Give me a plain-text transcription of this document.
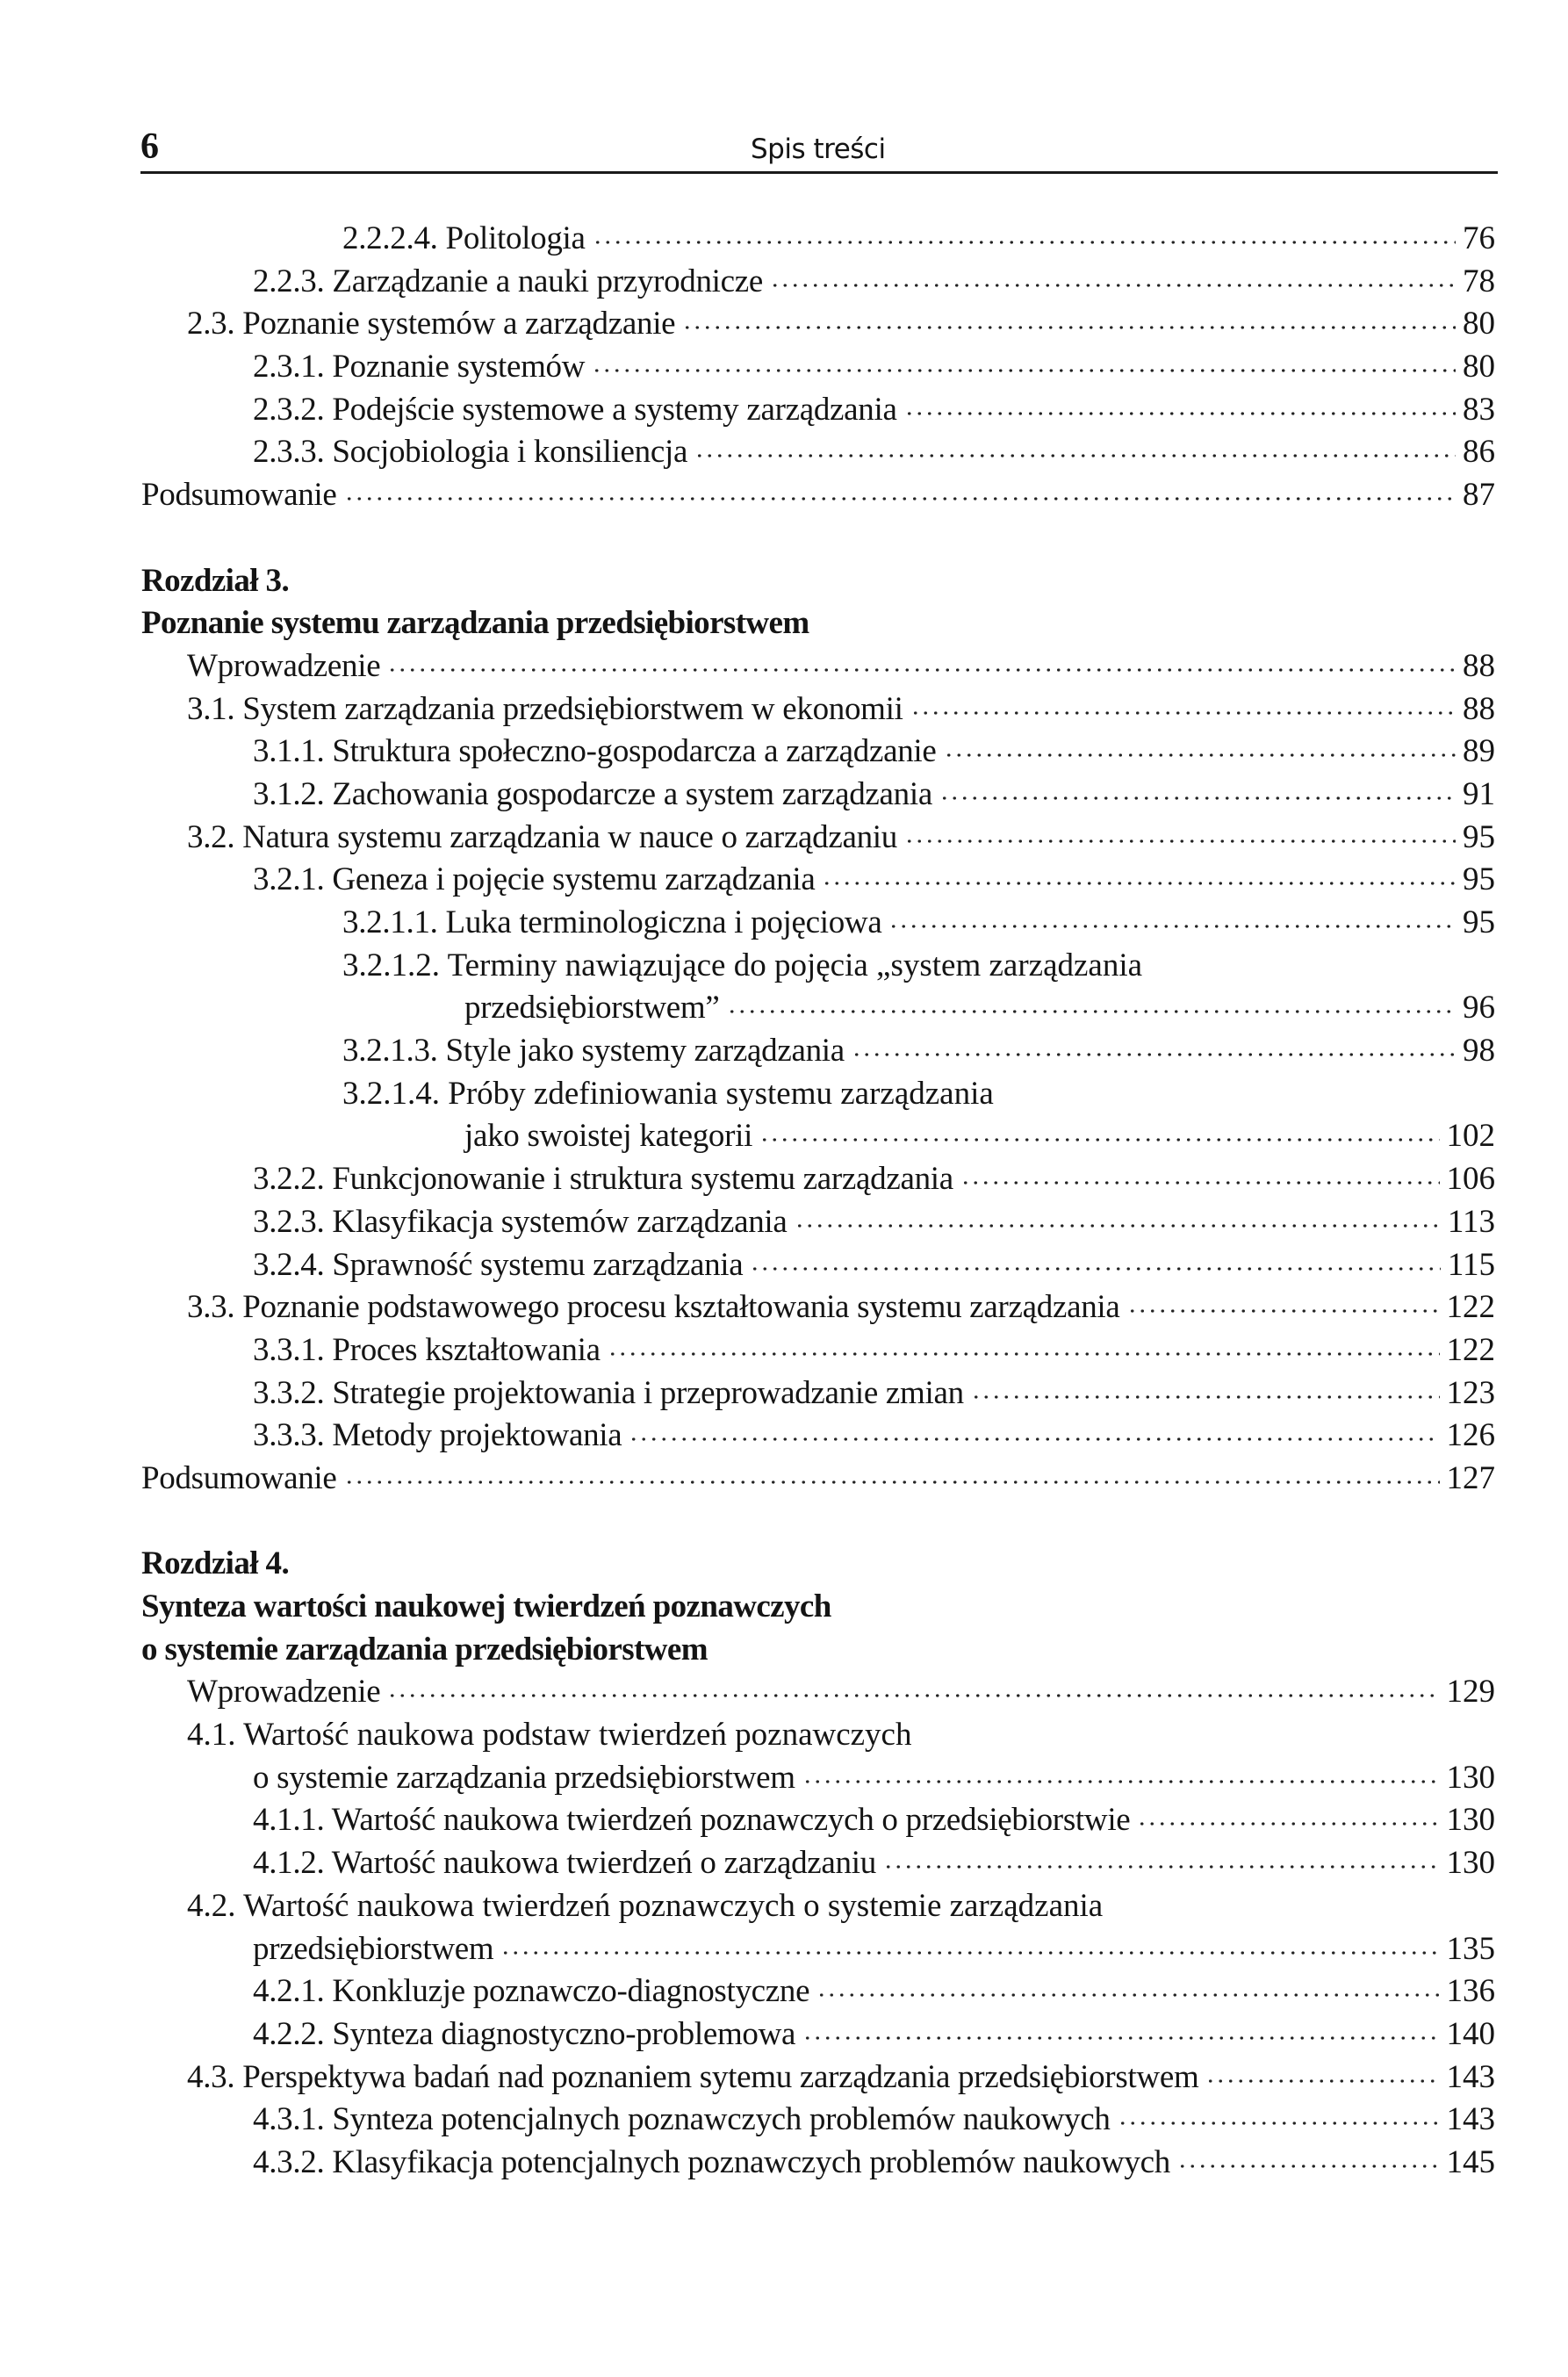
6	Spis treści
2.2.2.4. Politologia	76
2.2.3. Zarządzanie a nauki przyrodnicze	78
2.3. Poznanie systemów a zarządzanie	80
2.3.1. Poznanie systemów	80
2.3.2. Podejście systemowe a systemy zarządzania	83
2.3.3. Socjobiologia i konsiliencja	86
Podsumowanie	87
Rozdział 3.
Poznanie systemu zarządzania przedsiębiorstwem
Wprowadzenie	88
3.1. System zarządzania przedsiębiorstwem w ekonomii	88
3.1.1. Struktura społeczno-gospodarcza a zarządzanie	89
3.1.2. Zachowania gospodarcze a system zarządzania	91
3.2. Natura systemu zarządzania w nauce o zarządzaniu	95
3.2.1. Geneza i pojęcie systemu zarządzania	95
3.2.1.1. Luka terminologiczna i pojęciowa	95
3.2.1.2. Terminy nawiązujące do pojęcia „system zarządzania
przedsiębiorstwem”	96
3.2.1.3. Style jako systemy zarządzania	98
3.2.1.4. Próby zdefiniowania systemu zarządzania
jako swoistej kategorii	102
3.2.2. Funkcjonowanie i struktura systemu zarządzania	106
3.2.3. Klasyfikacja systemów zarządzania	113
3.2.4. Sprawność systemu zarządzania	115
3.3. Poznanie podstawowego procesu kształtowania systemu zarządzania	122
3.3.1. Proces kształtowania	122
3.3.2. Strategie projektowania i przeprowadzanie zmian	123
3.3.3. Metody projektowania	126
Podsumowanie	127
Rozdział 4.
Synteza wartości naukowej twierdzeń poznawczych
o systemie zarządzania przedsiębiorstwem
Wprowadzenie	129
4.1. Wartość naukowa podstaw twierdzeń poznawczych
o systemie zarządzania przedsiębiorstwem	130
4.1.1. Wartość naukowa twierdzeń poznawczych o przedsiębiorstwie	130
4.1.2. Wartość naukowa twierdzeń o zarządzaniu	130
4.2. Wartość naukowa twierdzeń poznawczych o systemie zarządzania
przedsiębiorstwem	135
4.2.1. Konkluzje poznawczo-diagnostyczne	136
4.2.2. Synteza diagnostyczno-problemowa	140
4.3. Perspektywa badań nad poznaniem sytemu zarządzania przedsiębiorstwem	143
4.3.1. Synteza potencjalnych poznawczych problemów naukowych	143
4.3.2. Klasyfikacja potencjalnych poznawczych problemów naukowych	145
